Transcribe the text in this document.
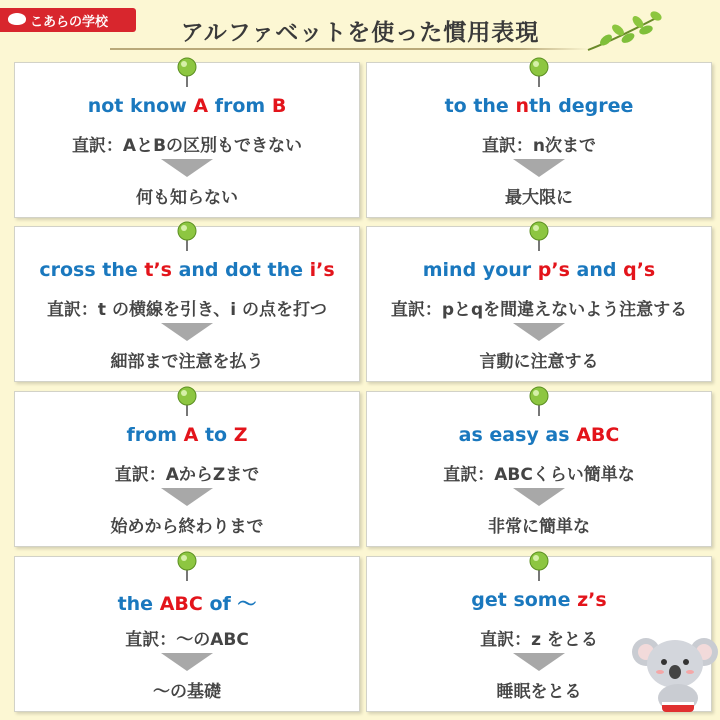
こあらの学校	アルファベットを使った慣用表現
not know A from B
直訳：AとBの区別もできない
何も知らない
to the nth degree
直訳：n次まで
最大限に
cross the t’s and dot the i’s
直訳：t の横線を引き、i の点を打つ
細部まで注意を払う
mind your p’s and q’s
直訳：pとqを間違えないよう注意する
言動に注意する
from A to Z
直訳：AからZまで
始めから終わりまで
as easy as ABC
直訳：ABCくらい簡単な
非常に簡単な
the ABC of ～
直訳：～のABC
～の基礎
get some z’s
直訳：z をとる
睡眠をとる
